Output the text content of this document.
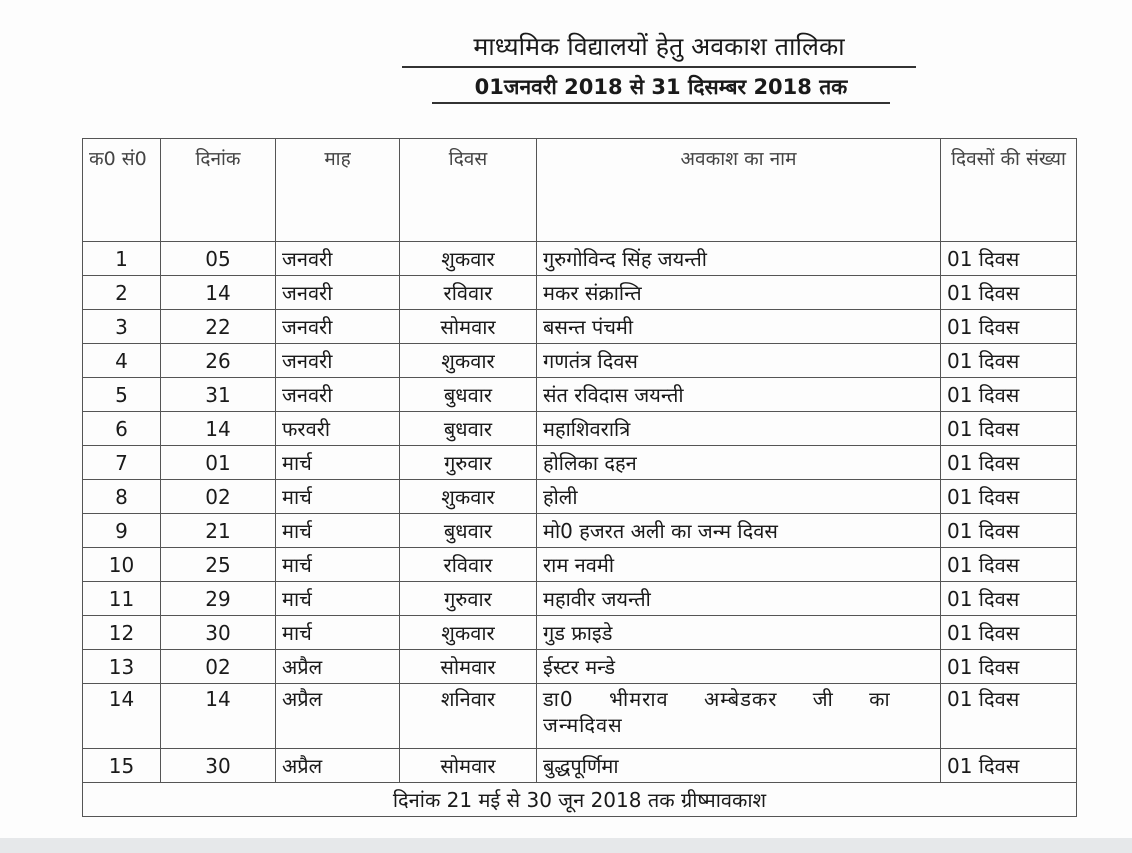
माध्यमिक विद्यालयों हेतु अवकाश तालिका
01जनवरी 2018 से 31 दिसम्बर 2018 तक
क0 सं0	दिनांक	माह	दिवस	अवकाश का नाम	दिवसों की संख्या
1	05	जनवरी	शुकवार	गुरुगोविन्द सिंह जयन्ती	01 दिवस
2	14	जनवरी	रविवार	मकर संक्रान्ति	01 दिवस
3	22	जनवरी	सोमवार	बसन्त पंचमी	01 दिवस
4	26	जनवरी	शुकवार	गणतंत्र दिवस	01 दिवस
5	31	जनवरी	बुधवार	संत रविदास जयन्ती	01 दिवस
6	14	फरवरी	बुधवार	महाशिवरात्रि	01 दिवस
7	01	मार्च	गुरुवार	होलिका दहन	01 दिवस
8	02	मार्च	शुकवार	होली	01 दिवस
9	21	मार्च	बुधवार	मो0 हजरत अली का जन्म दिवस	01 दिवस
10	25	मार्च	रविवार	राम नवमी	01 दिवस
11	29	मार्च	गुरुवार	महावीर जयन्ती	01 दिवस
12	30	मार्च	शुकवार	गुड फ्राइडे	01 दिवस
13	02	अप्रैल	सोमवार	ईस्टर मन्डे	01 दिवस
14	14	अप्रैल	शनिवार	डा0 भीमराव अम्बेडकर जी का जन्मदिवस	01 दिवस
15	30	अप्रैल	सोमवार	बुद्धपूर्णिमा	01 दिवस
दिनांक 21 मई से 30 जून 2018 तक ग्रीष्मावकाश					
